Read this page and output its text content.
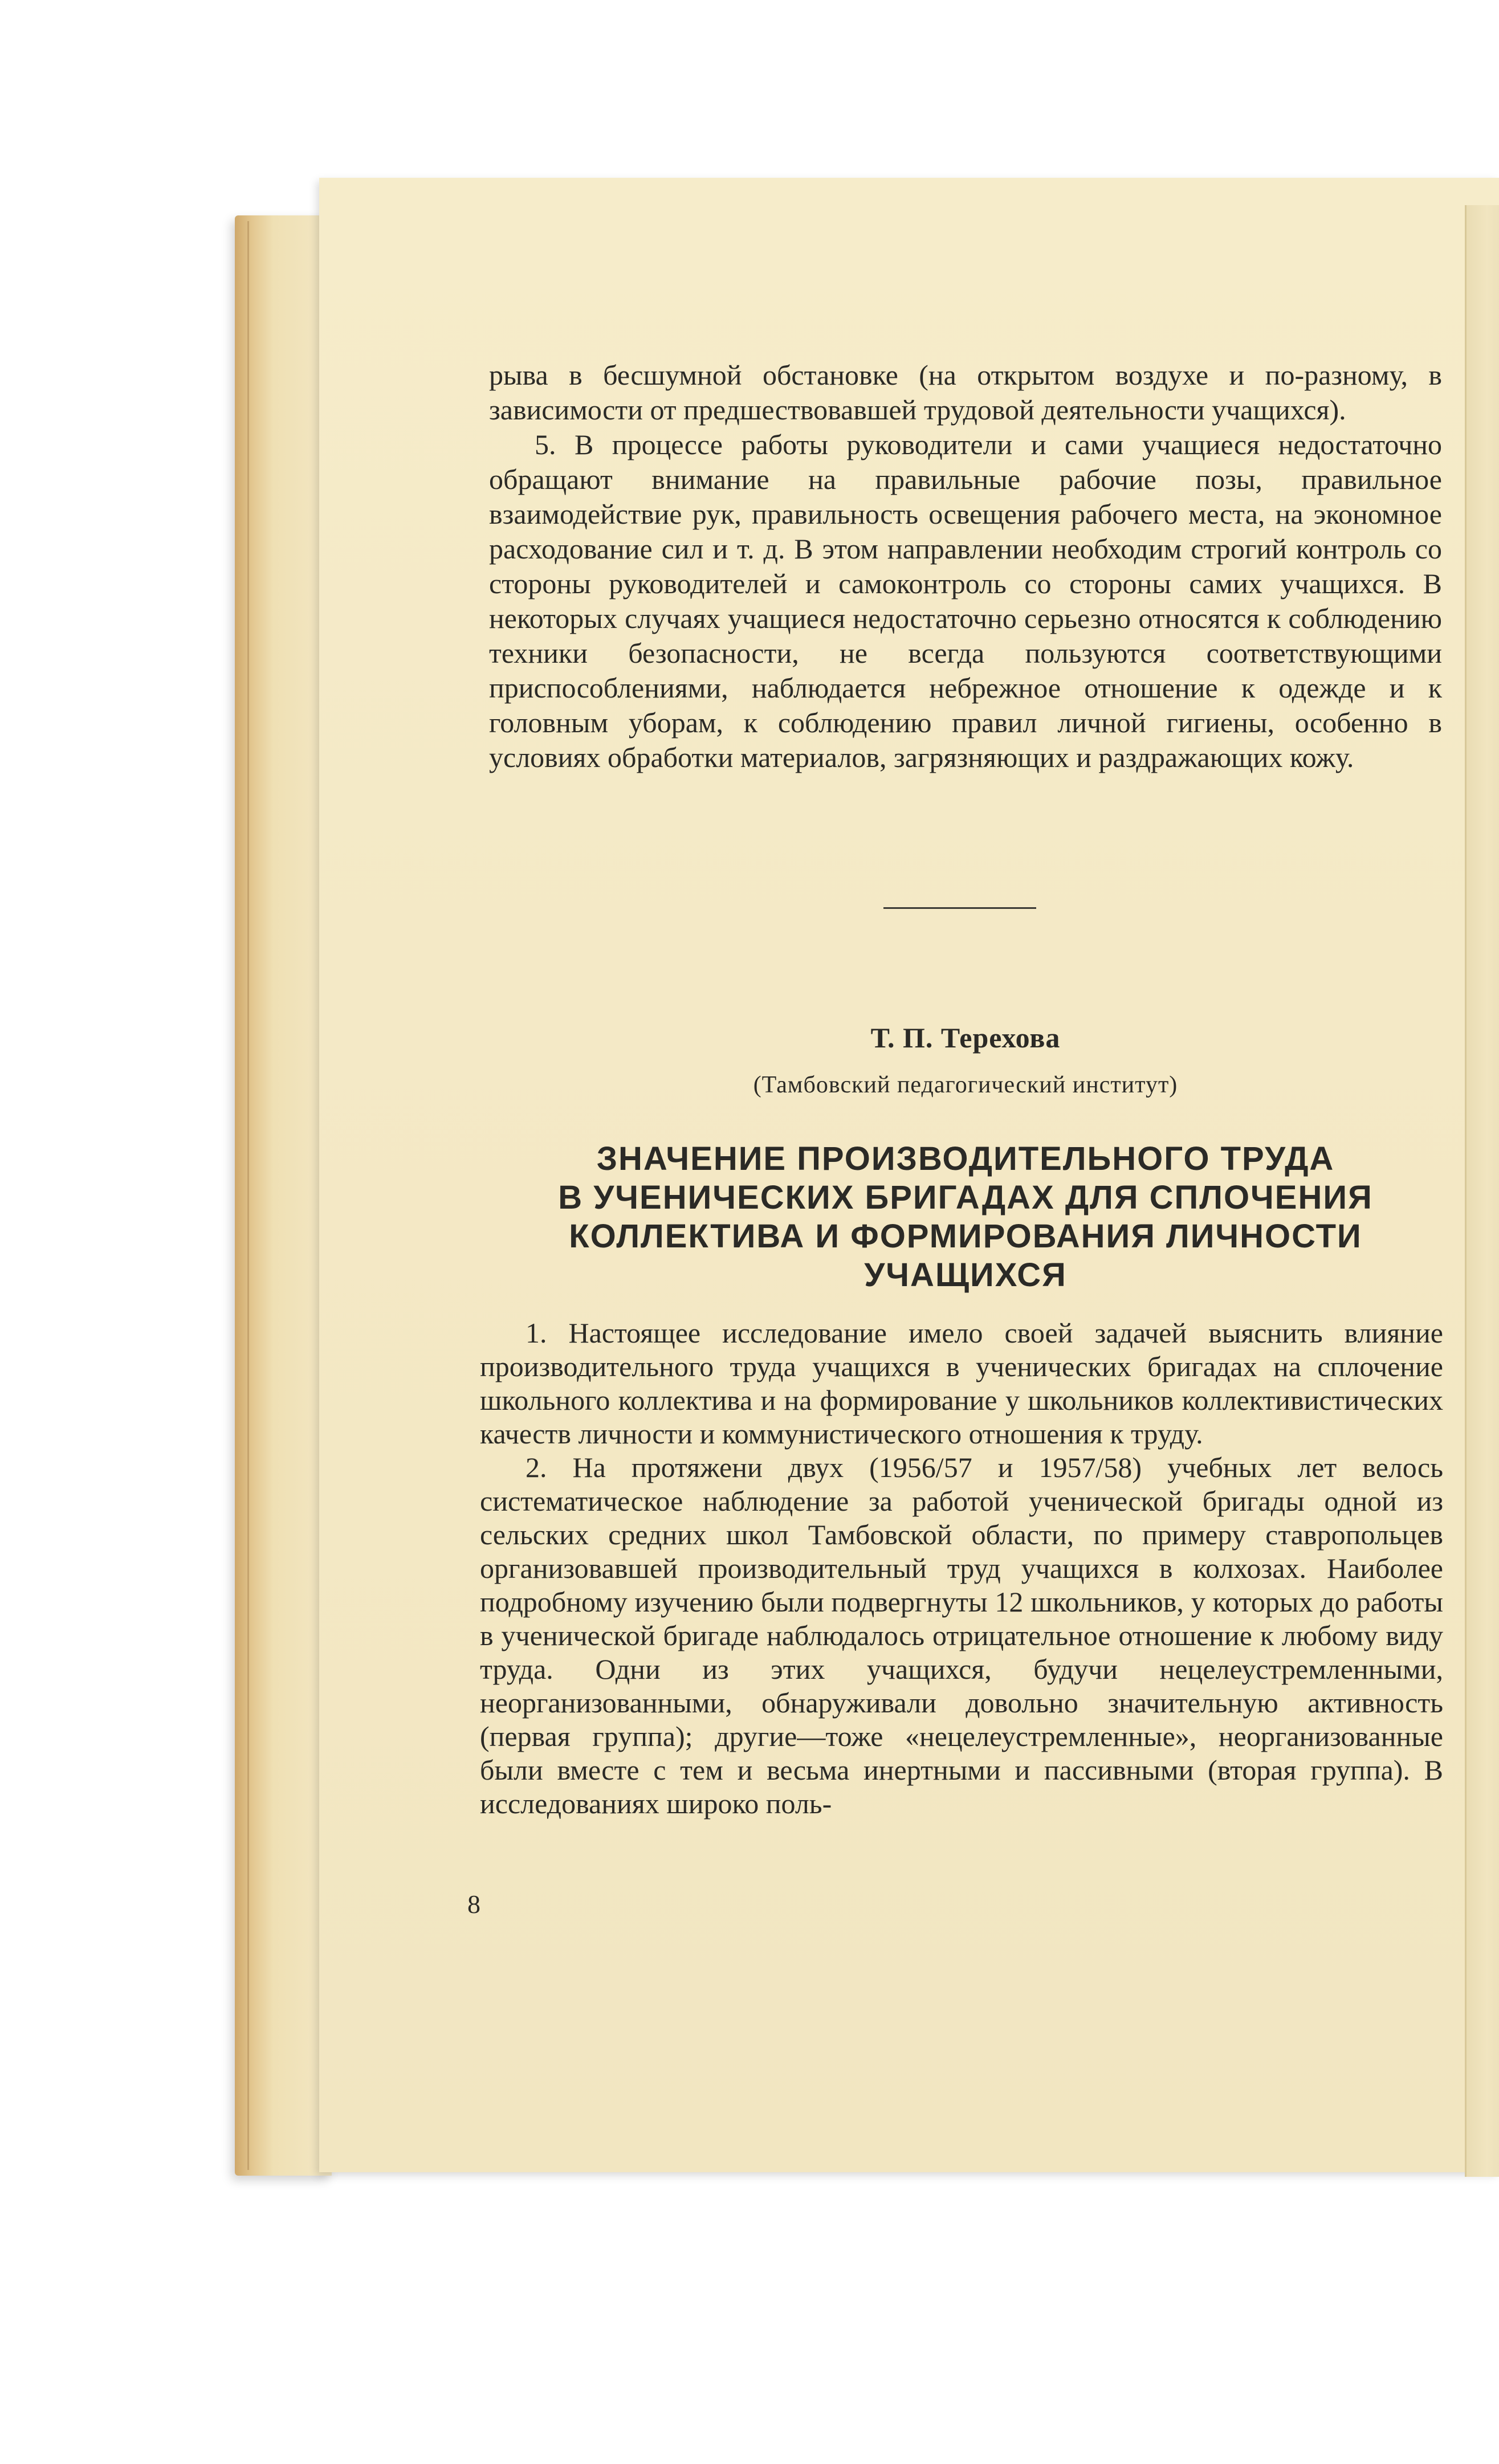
рыва в бесшумной обстановке (на открытом воздухе и по-разному, в зависимости от предшествовавшей трудовой деятельности учащихся).

5. В процессе работы руководители и сами учащиеся недостаточно обращают внимание на правильные рабочие позы, правильное взаимодействие рук, правильность освещения рабочего места, на экономное расходование сил и т. д. В этом направлении необходим строгий контроль со стороны руководителей и самоконтроль со стороны самих учащихся. В некоторых случаях учащиеся недостаточно серьезно относятся к соблюдению техники безопасности, не всегда пользуются соответствующими приспособлениями, наблюдается небрежное отношение к одежде и к головным уборам, к соблюдению правил личной гигиены, особенно в условиях обработки материалов, загрязняющих и раздражающих кожу.

Т. П. Терехова
(Тамбовский педагогический институт)
ЗНАЧЕНИЕ ПРОИЗВОДИТЕЛЬНОГО ТРУДА
В УЧЕНИЧЕСКИХ БРИГАДАХ ДЛЯ СПЛОЧЕНИЯ
КОЛЛЕКТИВА И ФОРМИРОВАНИЯ ЛИЧНОСТИ
УЧАЩИХСЯ

1. Настоящее исследование имело своей задачей выяснить влияние производительного труда учащихся в ученических бригадах на сплочение школьного коллектива и на формирование у школьников коллективистических качеств личности и коммунистического отношения к труду.

2. На протяжени двух (1956/57 и 1957/58) учебных лет велось систематическое наблюдение за работой ученической бригады одной из сельских средних школ Тамбовской области, по примеру ставропольцев организовавшей производительный труд учащихся в колхозах. Наиболее подробному изучению были подвергнуты 12 школьников, у которых до работы в ученической бригаде наблюдалось отрицательное отношение к любому виду труда. Одни из этих учащихся, будучи нецелеустремленными, неорганизованными, обнаруживали довольно значительную активность (первая группа); другие—тоже «нецелеустремленные», неорганизованные были вместе с тем и весьма инертными и пассивными (вторая группа). В исследованиях широко поль-

8
